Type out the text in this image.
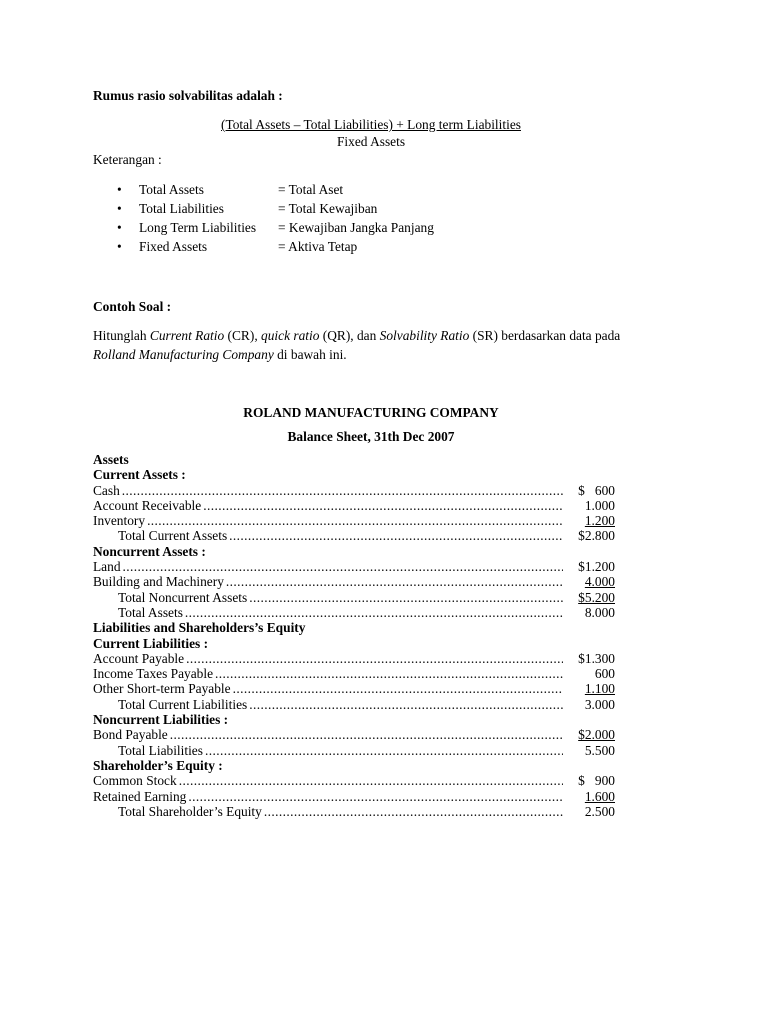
Rumus rasio solvabilitas adalah :
(Total Assets – Total Liabilities) + Long term Liabilities
Fixed Assets
Keterangan :
• Total Assets	= Total Aset
• Total Liabilities	= Total Kewajiban
• Long Term Liabilities = Kewajiban Jangka Panjang
• Fixed Assets	= Aktiva Tetap
Contoh Soal :
Hitunglah Current Ratio (CR), quick ratio (QR), dan Solvability Ratio (SR) berdasarkan data pada
Rolland Manufacturing Company di bawah ini.
ROLAND MANUFACTURING COMPANY
Balance Sheet, 31th Dec 2007
Assets
Current Assets :
Cash .....	$   600
Account Receivable .....	1.000
Inventory .....	1.200
Total Current Assets .....	$2.800
Noncurrent Assets :
Land .....	$1.200
Building and Machinery .....	4.000
Total Noncurrent Assets .....	$5.200
Total Assets .....	8.000
Liabilities and Shareholders’s Equity
Current Liabilities :
Account Payable .....	$1.300
Income Taxes Payable .....	600
Other Short-term Payable .....	1.100
Total Current Liabilities .....	3.000
Noncurrent Liabilities :
Bond Payable .....	$2.000
Total Liabilities .....	5.500
Shareholder’s Equity :
Common Stock .....	$   900
Retained Earning .....	1.600
Total Shareholder’s Equity .....	2.500
